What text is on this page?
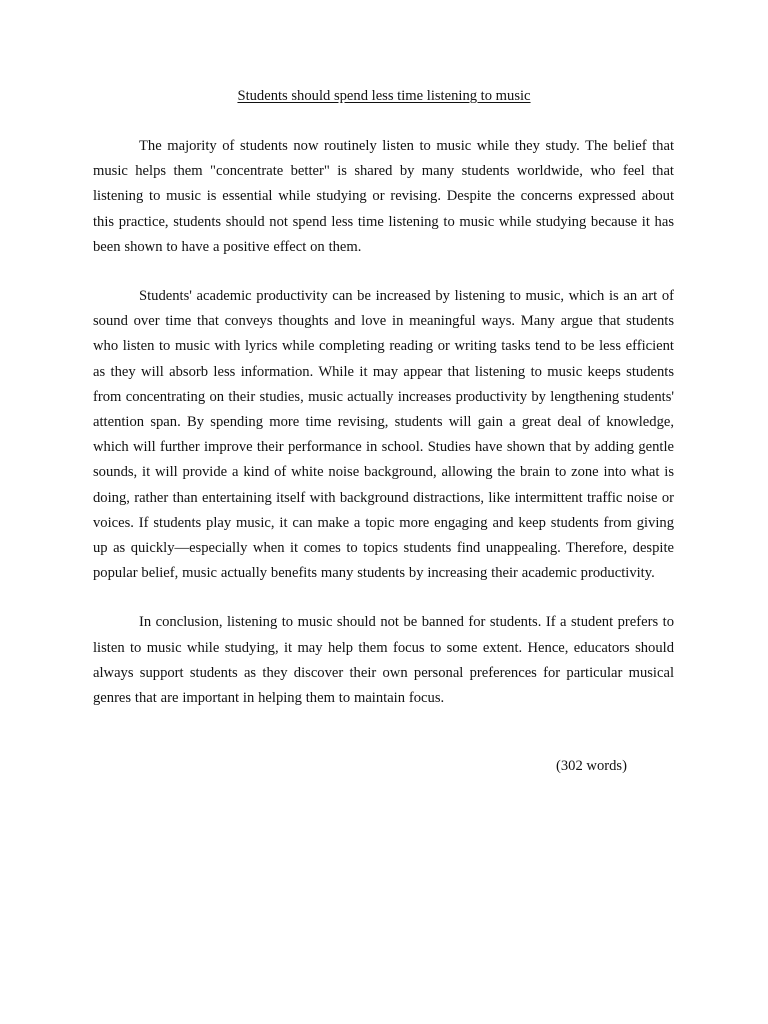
Students should spend less time listening to music

The majority of students now routinely listen to music while they study. The belief that music helps them "concentrate better" is shared by many students worldwide, who feel that listening to music is essential while studying or revising. Despite the concerns expressed about this practice, students should not spend less time listening to music while studying because it has been shown to have a positive effect on them.

Students' academic productivity can be increased by listening to music, which is an art of sound over time that conveys thoughts and love in meaningful ways. Many argue that students who listen to music with lyrics while completing reading or writing tasks tend to be less efficient as they will absorb less information. While it may appear that listening to music keeps students from concentrating on their studies, music actually increases productivity by lengthening students' attention span. By spending more time revising, students will gain a great deal of knowledge, which will further improve their performance in school. Studies have shown that by adding gentle sounds, it will provide a kind of white noise background, allowing the brain to zone into what is doing, rather than entertaining itself with background distractions, like intermittent traffic noise or voices. If students play music, it can make a topic more engaging and keep students from giving up as quickly—especially when it comes to topics students find unappealing. Therefore, despite popular belief, music actually benefits many students by increasing their academic productivity.

In conclusion, listening to music should not be banned for students. If a student prefers to listen to music while studying, it may help them focus to some extent. Hence, educators should always support students as they discover their own personal preferences for particular musical genres that are important in helping them to maintain focus.

(302 words)
